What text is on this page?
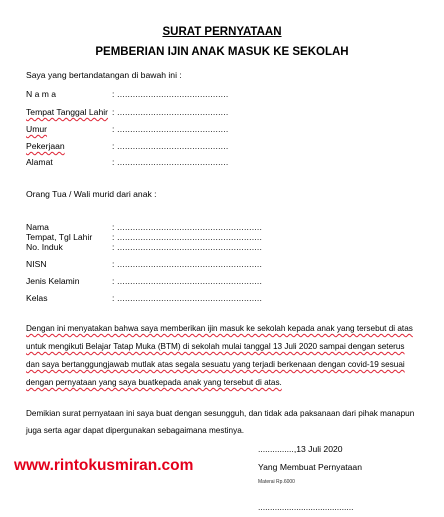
SURAT PERNYATAAN
PEMBERIAN IJIN ANAK MASUK KE SEKOLAH
Saya yang bertandatangan di bawah ini :
N a m a	: ...........................................
Tempat Tanggal Lahir : ...........................................
Umur	: ...........................................
Pekerjaan	: ...........................................
Alamat	: ...........................................
Orang Tua / Wali murid dari anak :
Nama	: ........................................................
Tempat, Tgl Lahir : ........................................................
No. Induk	: ........................................................
NISN	: ........................................................
Jenis Kelamin	: ........................................................
Kelas	: ........................................................
Dengan ini menyatakan bahwa saya memberikan ijin masuk ke sekolah kepada anak yang tersebut di atas
untuk mengikuti Belajar Tatap Muka (BTM) di sekolah mulai tanggal 13 Juli 2020 sampai dengan seterus
dan saya bertanggungjawab mutlak atas segala sesuatu yang terjadi berkenaan dengan covid-19 sesuai
dengan pernyataan yang saya buatkepada anak yang tersebut di atas.
Demikian surat pernyataan ini saya buat dengan sesungguh, dan tidak ada paksanaan dari pihak manapun
juga serta agar dapat dipergunakan sebagaimana mestinya.
...............,13 Juli 2020
Yang Membuat Pernyataan
Materai Rp.6000
........................................
www.rintokusmiran.com
